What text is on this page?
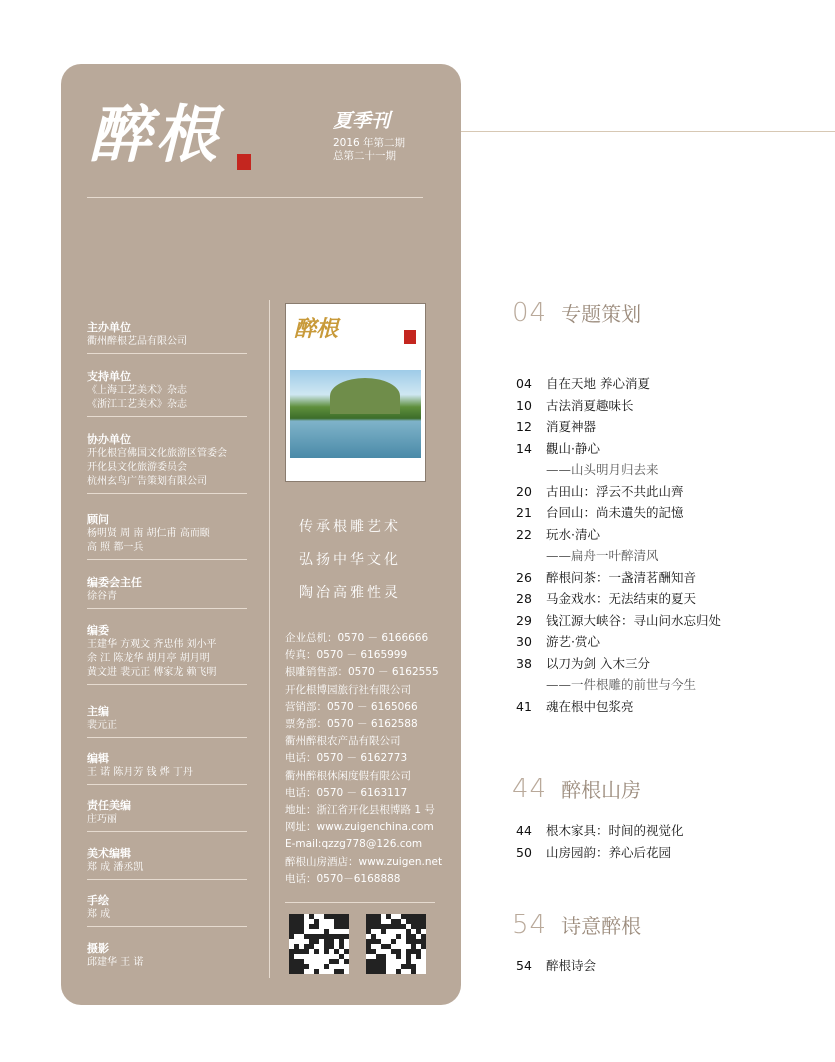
醉根	夏季刊
2016 年第二期
总第二十一期
主办单位
衢州醉根艺品有限公司
支持单位
《上海工艺美术》杂志
《浙江工艺美术》杂志
协办单位
开化根宫佛国文化旅游区管委会
开化县文化旅游委员会
杭州玄鸟广告策划有限公司
顾问
杨明贤 周 南 胡仁甫 高而颐
高 照 都一兵
编委会主任
徐谷青
编委
王建华 方观文 齐忠伟 刘小平
余 江 陈龙华 胡月亭 胡月明
黄文进 裴元正 傅家龙 赖飞明
主编
裴元正
编辑
王 诺 陈月芳 钱 烨 丁丹
责任美编
庄巧丽
美术编辑
郑 成 潘丞凯
手绘
郑 成
摄影
邱建华 王 诺
醉根
传承根雕艺术
弘扬中华文化
陶冶高雅性灵
企业总机：0570 － 6166666
传真：0570 － 6165999
根雕销售部：0570 － 6162555
开化根博园旅行社有限公司
营销部：0570 － 6165066
票务部：0570 － 6162588
衢州醉根农产品有限公司
电话：0570 － 6162773
衢州醉根休闲度假有限公司
电话：0570 － 6163117
地址：浙江省开化县根博路 1 号
网址：www.zuigenchina.com
E-mail:qzzg778@126.com
醉根山房酒店：www.zuigen.net
电话：0570－6168888
04 专题策划
04	自在天地 养心消夏
10	古法消夏趣味长
12	消夏神器
14	觀山·静心
——山头明月归去来
20	古田山：浮云不共此山齊
21	台回山：尚未遺失的記憶
22	玩水·清心
——扁舟一叶醉清风
26	醉根问茶：一盏清茗酬知音
28	马金戏水：无法结束的夏天
29	钱江源大峡谷：寻山问水忘归处
30	游艺·赏心
38	以刀为剑 入木三分
——一件根雕的前世与今生
41	魂在根中包浆亮
44 醉根山房
44	根木家具：时间的视觉化
50	山房园韵：养心后花园
54 诗意醉根
54	醉根诗会
